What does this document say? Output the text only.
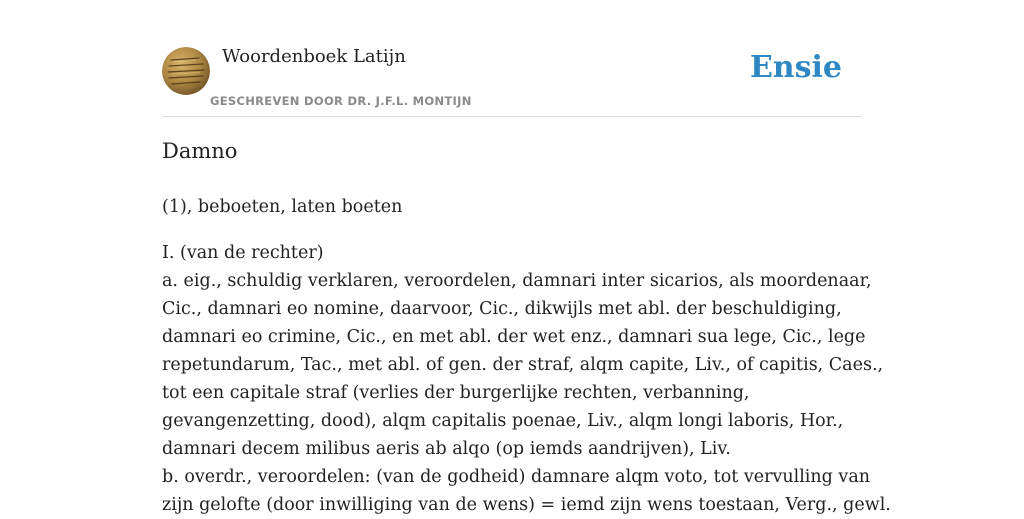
Woordenboek Latijn
GESCHREVEN DOOR DR. J.F.L. MONTIJN
Ensie
Damno
(1), beboeten, laten boeten
I. (van de rechter)
a. eig., schuldig verklaren, veroordelen, damnari inter sicarios, als moordenaar,
Cic., damnari eo nomine, daarvoor, Cic., dikwijls met abl. der beschuldiging,
damnari eo crimine, Cic., en met abl. der wet enz., damnari sua lege, Cic., lege
repetundarum, Tac., met abl. of gen. der straf, alqm capite, Liv., of capitis, Caes.,
tot een capitale straf (verlies der burgerlijke rechten, verbanning,
gevangenzetting, dood), alqm capitalis poenae, Liv., alqm longi laboris, Hor.,
damnari decem milibus aeris ab alqo (op iemds aandrijven), Liv.
b. overdr., veroordelen: (van de godheid) damnare alqm voto, tot vervulling van
zijn gelofte (door inwilliging van de wens) = iemd zijn wens toestaan, Verg., gewl.
